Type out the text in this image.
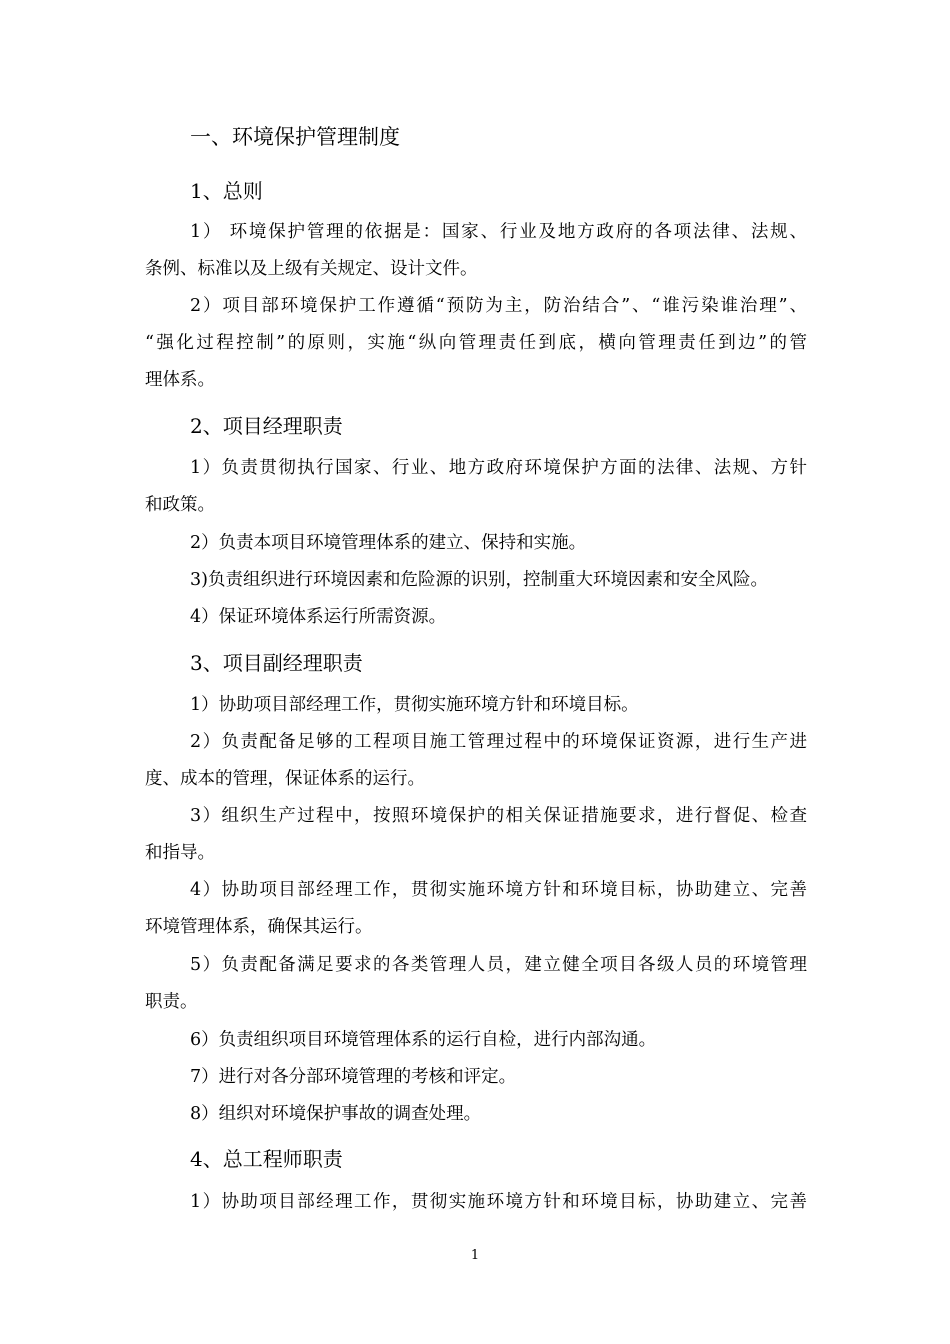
一、环境保护管理制度
1、总则
1） 环境保护管理的依据是：国家、行业及地方政府的各项法律、法规、
条例、标准以及上级有关规定、设计文件。
2）项目部环境保护工作遵循“预防为主，防治结合”、“谁污染谁治理”、
“强化过程控制”的原则，实施“纵向管理责任到底，横向管理责任到边”的管
理体系。
2、项目经理职责
1）负责贯彻执行国家、行业、地方政府环境保护方面的法律、法规、方针
和政策。
2）负责本项目环境管理体系的建立、保持和实施。
3)负责组织进行环境因素和危险源的识别，控制重大环境因素和安全风险。
4）保证环境体系运行所需资源。
3、项目副经理职责
1）协助项目部经理工作，贯彻实施环境方针和环境目标。
2）负责配备足够的工程项目施工管理过程中的环境保证资源，进行生产进
度、成本的管理，保证体系的运行。
3）组织生产过程中，按照环境保护的相关保证措施要求，进行督促、检查
和指导。
4）协助项目部经理工作，贯彻实施环境方针和环境目标，协助建立、完善
环境管理体系，确保其运行。
5）负责配备满足要求的各类管理人员，建立健全项目各级人员的环境管理
职责。
6）负责组织项目环境管理体系的运行自检，进行内部沟通。
7）进行对各分部环境管理的考核和评定。
8）组织对环境保护事故的调查处理。
4、总工程师职责
1）协助项目部经理工作，贯彻实施环境方针和环境目标，协助建立、完善
1
